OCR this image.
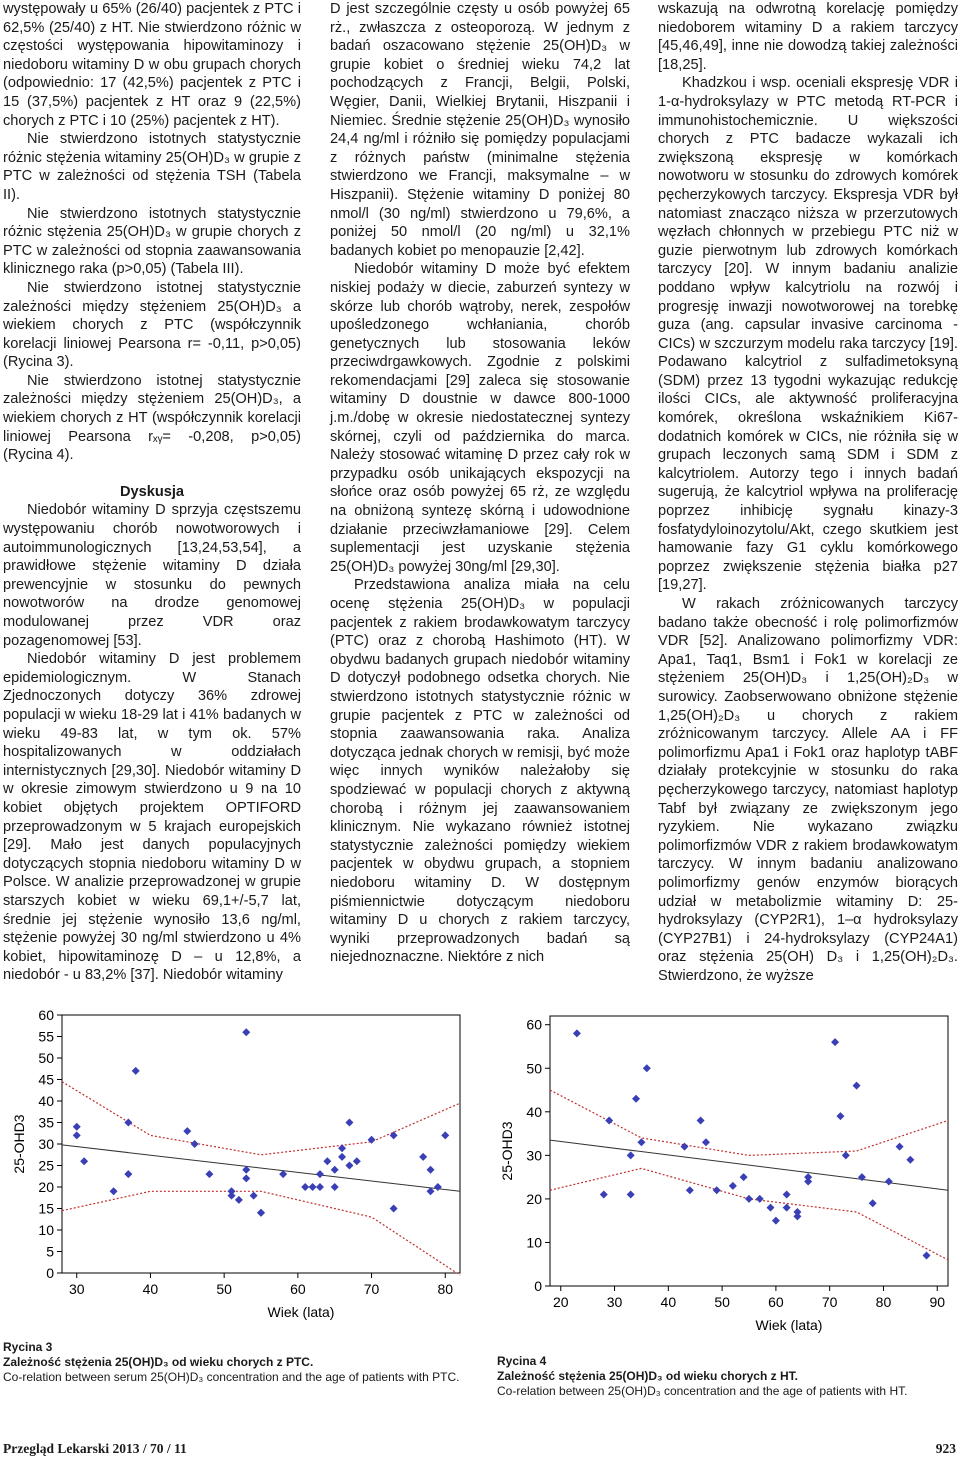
występowały u 65% (26/40) pacjentek z PTC i 62,5% (25/40) z HT. Nie stwierdzono różnic w częstości występowania hipowitaminozy i niedoboru witaminy D w obu grupach chorych (odpowiednio: 17 (42,5%) pacjentek z PTC i 15 (37,5%) pacjentek z HT oraz 9 (22,5%) chorych z PTC i 10 (25%) pacjentek z HT).

Nie stwierdzono istotnych statystycznie różnic stężenia witaminy 25(OH)D₃ w grupie z PTC w zależności od stężenia TSH (Tabela II).

Nie stwierdzono istotnych statystycznie różnic stężenia 25(OH)D₃ w grupie chorych z PTC w zależności od stopnia zaawansowania klinicznego raka (p>0,05) (Tabela III).

Nie stwierdzono istotnej statystycznie zależności między stężeniem 25(OH)D₃ a wiekiem chorych z PTC (współczynnik korelacji liniowej Pearsona r= -0,11, p>0,05) (Rycina 3).

Nie stwierdzono istotnej statystycznie zależności między stężeniem 25(OH)D₃, a wiekiem chorych z HT (współczynnik korelacji liniowej Pearsona rₓᵧ= -0,208, p>0,05) (Rycina 4).

Dyskusja

Niedobór witaminy D sprzyja częstszemu występowaniu chorób nowotworowych i autoimmunologicznych [13,24,53,54], a prawidłowe stężenie witaminy D działa prewencyjnie w stosunku do pewnych nowotworów na drodze genomowej modulowanej przez VDR oraz pozagenomowej [53].

Niedobór witaminy D jest problemem epidemiologicznym. W Stanach Zjednoczonych dotyczy 36% zdrowej populacji w wieku 18-29 lat i 41% badanych w wieku 49-83 lat, w tym ok. 57% hospitalizowanych w oddziałach internistycznych [29,30]. Niedobór witaminy D w okresie zimowym stwierdzono u 9 na 10 kobiet objętych projektem OPTIFORD przeprowadzonym w 5 krajach europejskich [29]. Mało jest danych populacyjnych dotyczących stopnia niedoboru witaminy D w Polsce. W analizie przeprowadzonej w grupie starszych kobiet w wieku 69,1+/-5,7 lat, średnie jej stężenie wynosiło 13,6 ng/ml, stężenie powyżej 30 ng/ml stwierdzono u 4% kobiet, hipowitaminozę D – u 12,8%, a niedobór - u 83,2% [37]. Niedobór witaminy

D jest szczególnie częsty u osób powyżej 65 rż., zwłaszcza z osteoporozą. W jednym z badań oszacowano stężenie 25(OH)D₃ w grupie kobiet o średniej wieku 74,2 lat pochodzących z Francji, Belgii, Polski, Węgier, Danii, Wielkiej Brytanii, Hiszpanii i Niemiec. Średnie stężenie 25(OH)D₃ wynosiło 24,4 ng/ml i różniło się pomiędzy populacjami z różnych państw (minimalne stężenia stwierdzono we Francji, maksymalne – w Hiszpanii). Stężenie witaminy D poniżej 80 nmol/l (30 ng/ml) stwierdzono u 79,6%, a poniżej 50 nmol/l (20 ng/ml) u 32,1% badanych kobiet po menopauzie [2,42].

Niedobór witaminy D może być efektem niskiej podaży w diecie, zaburzeń syntezy w skórze lub chorób wątroby, nerek, zespołów upośledzonego wchłaniania, chorób genetycznych lub stosowania leków przeciwdrgawkowych. Zgodnie z polskimi rekomendacjami [29] zaleca się stosowanie witaminy D doustnie w dawce 800-1000 j.m./dobę w okresie niedostatecznej syntezy skórnej, czyli od października do marca. Należy stosować witaminę D przez cały rok w przypadku osób unikających ekspozycji na słońce oraz osób powyżej 65 rż, ze względu na obniżoną syntezę skórną i udowodnione działanie przeciwzłamaniowe [29]. Celem suplementacji jest uzyskanie stężenia 25(OH)D₃ powyżej 30ng/ml [29,30].

Przedstawiona analiza miała na celu ocenę stężenia 25(OH)D₃ w populacji pacjentek z rakiem brodawkowatym tarczycy (PTC) oraz z chorobą Hashimoto (HT). W obydwu badanych grupach niedobór witaminy D dotyczył podobnego odsetka chorych. Nie stwierdzono istotnych statystycznie różnic w grupie pacjentek z PTC w zależności od stopnia zaawansowania raka. Analiza dotycząca jednak chorych w remisji, być może więc innych wyników należałoby się spodziewać w populacji chorych z aktywną chorobą i różnym jej zaawansowaniem klinicznym. Nie wykazano również istotnej statystycznie zależności pomiędzy wiekiem pacjentek w obydwu grupach, a stopniem niedoboru witaminy D. W dostępnym piśmiennictwie dotyczącym niedoboru witaminy D u chorych z rakiem tarczycy, wyniki przeprowadzonych badań są niejednoznaczne. Niektóre z nich

wskazują na odwrotną korelację pomiędzy niedoborem witaminy D a rakiem tarczycy [45,46,49], inne nie dowodzą takiej zależności [18,25].

Khadzkou i wsp. oceniali ekspresję VDR i 1-α-hydroksylazy w PTC metodą RT-PCR i immunohistochemicznie. U większości chorych z PTC badacze wykazali ich zwiększoną ekspresję w komórkach nowotworu w stosunku do zdrowych komórek pęcherzykowych tarczycy. Ekspresja VDR był natomiast znacząco niższa w przerzutowych węzłach chłonnych w przebiegu PTC niż w guzie pierwotnym lub zdrowych komórkach tarczycy [20]. W innym badaniu analizie poddano wpływ kalcytriolu na rozwój i progresję inwazji nowotworowej na torebkę guza (ang. capsular invasive carcinoma - CICs) w szczurzym modelu raka tarczycy [19]. Podawano kalcytriol z sulfadimetoksyną (SDM) przez 13 tygodni wykazując redukcję ilości CICs, ale aktywność proliferacyjna komórek, określona wskaźnikiem Ki67-dodatnich komórek w CICs, nie różniła się w grupach leczonych samą SDM i SDM z kalcytriolem. Autorzy tego i innych badań sugerują, że kalcytriol wpływa na proliferację poprzez inhibicję sygnału kinazy-3 fosfatydyloinozytolu/Akt, czego skutkiem jest hamowanie fazy G1 cyklu komórkowego poprzez zwiększenie stężenia białka p27 [19,27].

W rakach zróżnicowanych tarczycy badano także obecność i rolę polimorfizmów VDR [52]. Analizowano polimorfizmy VDR: Apa1, Taq1, Bsm1 i Fok1 w korelacji ze stężeniem 25(OH)D₃ i 1,25(OH)₂D₃ w surowicy. Zaobserwowano obniżone stężenie 1,25(OH)₂D₃ u chorych z rakiem zróżnicowanym tarczycy. Allele AA i FF polimorfizmu Apa1 i Fok1 oraz haplotyp tABF działały protekcyjnie w stosunku do raka pęcherzykowego tarczycy, natomiast haplotyp Tabf był związany ze zwiększonym jego ryzykiem. Nie wykazano związku polimorfizmów VDR z rakiem brodawkowatym tarczycy. W innym badaniu analizowano polimorfizmy genów enzymów biorących udział w metabolizmie witaminy D: 25-hydroksylazy (CYP2R1), 1–α hydroksylazy (CYP27B1) i 24-hydroksylazy (CYP24A1) oraz stężenia 25(OH) D₃ i 1,25(OH)₂D₃. Stwierdzono, że wyższe

0
5
10
15
20
25
30
35
40
45
50
55
60
30	40	50	60	70	80
25-OHD3
Wiek (lata)
0
10
20
30
40
50
60
20	30	40	50	60	70	80	90
25-OHD3
Wiek (lata)
Rycina 3
Zależność stężenia 25(OH)D₃ od wieku chorych z PTC.
Co-relation between serum 25(OH)D₃ concentration and the age of patients with PTC.
Rycina 4
Zależność stężenia 25(OH)D₃ od wieku chorych z HT.
Co-relation between 25(OH)D₃ concentration and the age of patients with HT.
Przegląd Lekarski 2013 / 70 / 11	923
